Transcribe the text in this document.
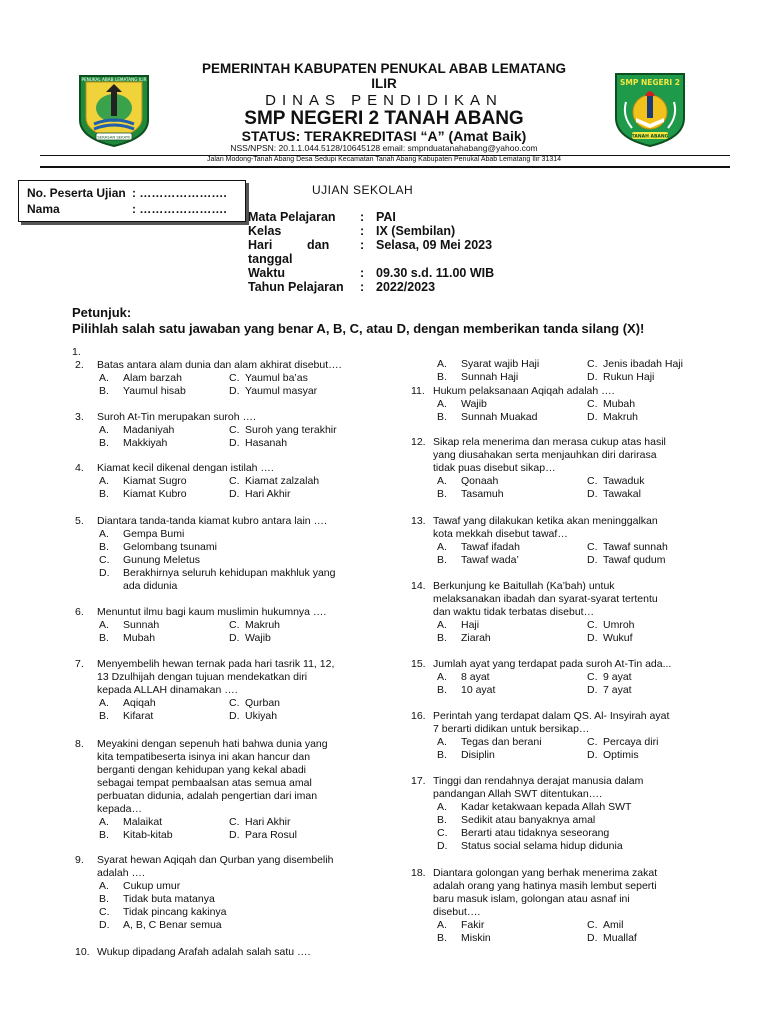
PENUKAL ABAB LEMATANG ILIR
SERASAN SEKATE
SMP NEGERI 2
TANAH ABANG
PEMERINTAH KABUPATEN PENUKAL ABAB LEMATANG
ILIR
DINAS PENDIDIKAN
SMP NEGERI 2 TANAH ABANG
STATUS: TERAKREDITASI “A” (Amat Baik)
NSS/NPSN: 20.1.1.044.5128/10645128 email: smpnduatanahabang@yahoo.com
Jalan Modong-Tanah Abang Desa Sedupi Kecamatan Tanah Abang Kabupaten Penukal Abab Lematang Ilir 31314
No. Peserta Ujian : ………………….
Nama	: ………………….
UJIAN SEKOLAH
Mata Pelajaran : PAI
Kelas	: IX (Sembilan)
Hari          dan : Selasa, 09 Mei 2023
tanggal
Waktu	: 09.30 s.d. 11.00 WIB
Tahun Pelajaran : 2022/2023
Petunjuk:
Pilihlah salah satu jawaban yang benar A, B, C, atau D, dengan memberikan tanda silang (X)!
1.
2. Batas antara alam dunia dan alam akhirat disebut….
A. Alam barzah	C. Yaumul ba’as
B. Yaumul hisab	D. Yaumul masyar
3. Suroh At-Tin merupakan suroh ….
A. Madaniyah	C. Suroh yang terakhir
B. Makkiyah	D. Hasanah
4. Kiamat kecil dikenal dengan istilah ….
A. Kiamat Sugro	C. Kiamat zalzalah
B. Kiamat Kubro	D. Hari Akhir
5. Diantara tanda-tanda kiamat kubro antara lain ….
A. Gempa Bumi
B. Gelombang tsunami
C. Gunung Meletus
D. Berakhirnya seluruh kehidupan makhluk yang
ada didunia
6. Menuntut ilmu bagi kaum muslimin hukumnya ….
A. Sunnah	C. Makruh
B. Mubah	D. Wajib
7. Menyembelih hewan ternak pada hari tasrik 11, 12,
13 Dzulhijah dengan tujuan mendekatkan diri
kepada ALLAH dinamakan ….
A. Aqiqah	C. Qurban
B. Kifarat	D. Ukiyah
8. Meyakini dengan sepenuh hati bahwa dunia yang
kita tempatibeserta isinya ini akan hancur dan
berganti dengan kehidupan yang kekal abadi
sebagai tempat pembaalsan atas semua amal
perbuatan didunia, adalah pengertian dari iman
kepada…
A. Malaikat	C. Hari Akhir
B. Kitab-kitab	D. Para Rosul
9. Syarat hewan Aqiqah dan Qurban yang disembelih
adalah ….
A. Cukup umur
B. Tidak buta matanya
C. Tidak pincang kakinya
D. A, B, C Benar semua
10. Wukup dipadang Arafah adalah salah satu ….
A. Syarat wajib Haji	C. Jenis ibadah Haji
B. Sunnah Haji	D. Rukun Haji
11. Hukum pelaksanaan Aqiqah adalah ….
A. Wajib	C. Mubah
B. Sunnah Muakad	D. Makruh
12. Sikap rela menerima dan merasa cukup atas hasil
yang diusahakan serta menjauhkan diri darirasa
tidak puas disebut sikap…
A. Qonaah	C. Tawaduk
B. Tasamuh	D. Tawakal
13. Tawaf yang dilakukan ketika akan meninggalkan
kota mekkah disebut tawaf…
A. Tawaf ifadah	C. Tawaf sunnah
B. Tawaf wada’	D. Tawaf qudum
14. Berkunjung ke Baitullah (Ka’bah) untuk
melaksanakan ibadah dan syarat-syarat tertentu
dan waktu tidak terbatas disebut…
A. Haji	C. Umroh
B. Ziarah	D. Wukuf
15. Jumlah ayat yang terdapat pada suroh At-Tin ada...
A. 8 ayat	C. 9 ayat
B. 10 ayat	D. 7 ayat
16. Perintah yang terdapat dalam QS. Al- Insyirah ayat
7 berarti didikan untuk bersikap…
A. Tegas dan berani	C. Percaya diri
B. Disiplin	D. Optimis
17. Tinggi dan rendahnya derajat manusia dalam
pandangan Allah SWT ditentukan….
A. Kadar ketakwaan kepada Allah SWT
B. Sedikit atau banyaknya amal
C. Berarti atau tidaknya seseorang
D. Status social selama hidup didunia
18. Diantara golongan yang berhak menerima zakat
adalah orang yang hatinya masih lembut seperti
baru masuk islam, golongan atau asnaf ini
disebut….
A. Fakir	C. Amil
B. Miskin	D. Muallaf
